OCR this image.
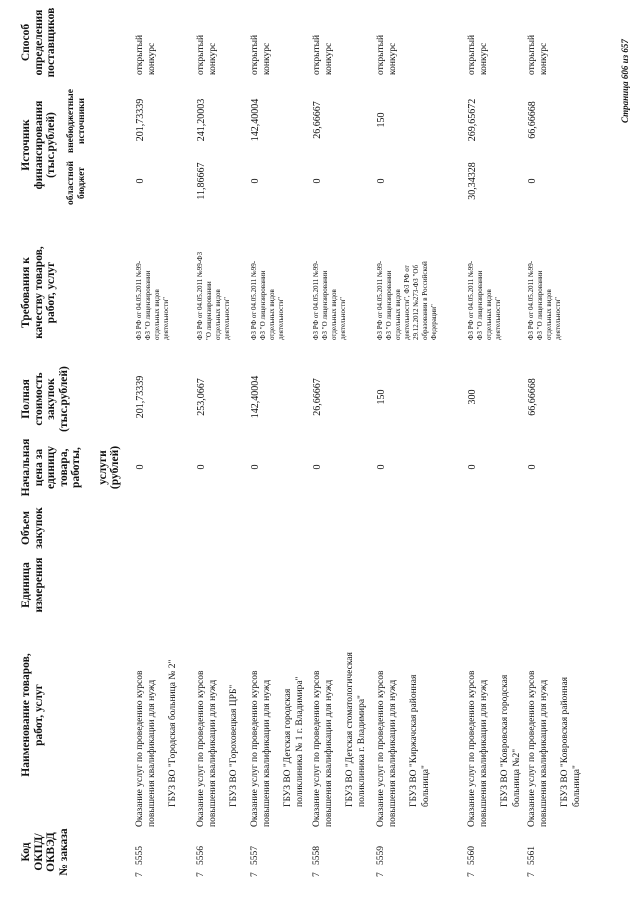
Код ОКПД/ ОКВЭД № заказа
Наименование товаров, работ, услуг
Единица измерения
Объем закупок
Начальная цена за единицу товара, работы, услуги (рублей)
Полная стоимость закупок (тыс.рублей)
Требования к качеству товаров, работ, услуг
Источник финансирования (тыс.рублей)
областной бюджет
внебюджетные источники
Способ определения поставщиков
7
5555
Оказание услуг по проведению курсов повышения квалификации для нужд ГБУЗ ВО "Городская больница № 2"
0
201,73339
ФЗ РФ от 04.05.2011 №99- ФЗ "О лицензировании отдельных видов деятельности"
0
201,73339
открытый конкурс
7
5556
Оказание услуг по проведению курсов повышения квалификации для нужд ГБУЗ ВО "Гороховецкая ЦРБ"
0
253,0667
ФЗ РФ от 04.05.2011 №99-ФЗ "О лицензировании отдельных видов деятельности"
11,86667
241,20003
открытый конкурс
7
5557
Оказание услуг по проведению курсов повышения квалификации для нужд ГБУЗ ВО "Детская городская поликлиника № 1 г. Владимира"
0
142,40004
ФЗ РФ от 04.05.2011 №99- ФЗ "О лицензировании отдельных видов деятельности"
0
142,40004
открытый конкурс
7
5558
Оказание услуг по проведению курсов повышения квалификации для нужд ГБУЗ ВО "Детская стоматологическая поликлиника г. Владимира"
0
26,66667
ФЗ РФ от 04.05.2011 №99- ФЗ "О лицензировании отдельных видов деятельности"
0
26,66667
открытый конкурс
7
5559
Оказание услуг по проведению курсов повышения квалификации для нужд ГБУЗ ВО "Киржачская районная больница"
0
150
ФЗ РФ от 04.05.2011 №99- ФЗ "О лицензировании отдельных видов деятельности", ФЗ РФ от 29.12.2012 №273-ФЗ "Об образовании в Российской Федерации"
0
150
открытый конкурс
7
5560
Оказание услуг по проведению курсов повышения квалификации для нужд ГБУЗ ВО "Ковровская городская больница №2"
0
300
ФЗ РФ от 04.05.2011 №99- ФЗ "О лицензировании отдельных видов деятельности"
30,34328
269,65672
открытый конкурс
7
5561
Оказание услуг по проведению курсов повышения квалификации для нужд ГБУЗ ВО "Ковровская районная больница"
0
66,66668
ФЗ РФ от 04.05.2011 №99- ФЗ "О лицензировании отдельных видов деятельности"
0
66,66668
открытый конкурс	Страница 606 из 657
